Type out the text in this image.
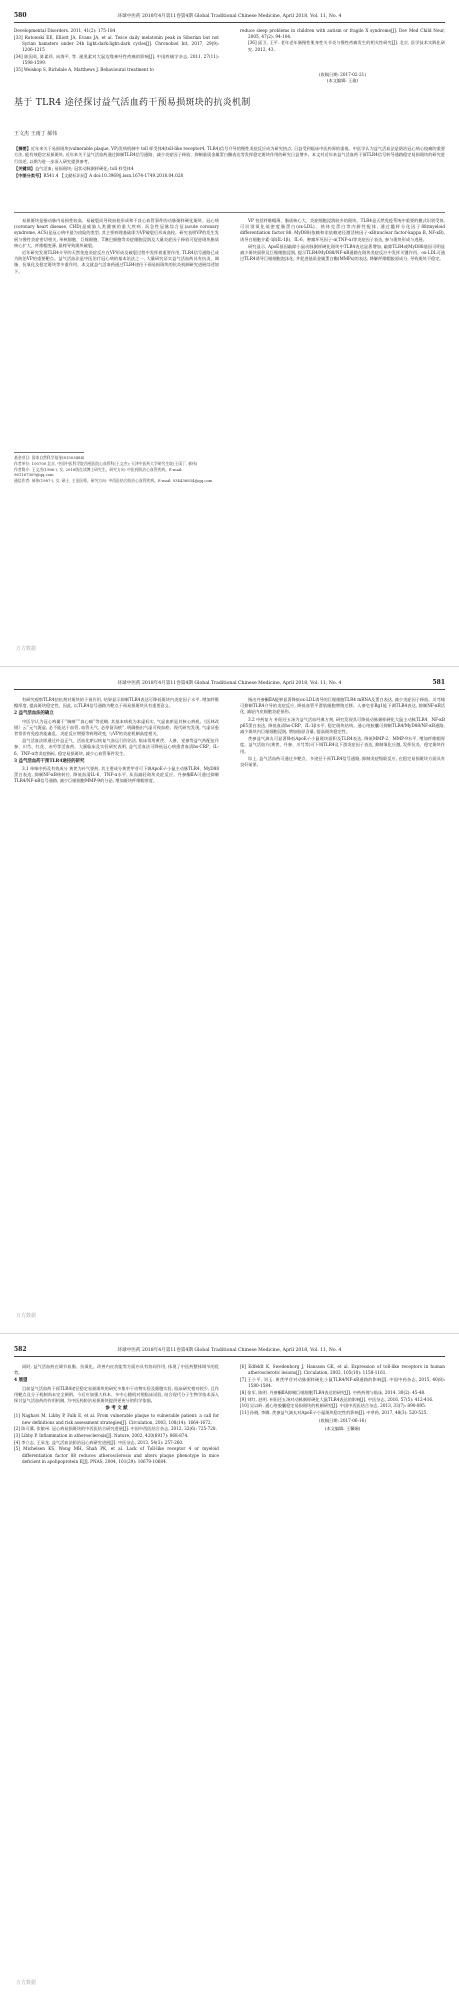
580	环球中医药 2018年4月第11卷第4期 Global Traditional Chinese Medicine, April 2018, Vol. 11, No. 4
Developmental Disorders. 2011, 41(2): 175-184
[33] Rutowski EE, Elliott JA, Evans JA, et al. Twice daily melatonin peak in Siberian but not Syrian hamsters under 24h light:dark:light:dark cycles[J]. Chronobiol Int, 2017, 29(9): 1206-1215
[34] 陈国英, 陈素珍, 向海平, 等. 褪黑素对大鼠边缘神经性疼痛的影响[J]. 中国疼痛学杂志, 2011, 27(11): 1598-1599.
[35] Weiskop S, Richdale A, Matthews J. Behavioural treatment to
reduce sleep problems in children with autism or fragile X syndrome[J]. Dev Med Child Neur, 2005, 47(2): 94-104.
[36] 邱卫, 王平. 老年老年肠慢性肌身性关节炎与慢性疼痛发生的相关性研究[J]. 北京, 医学技术实践化研究. 2012, 43.
(收稿日期: 2017-02-21)
(本文编辑: 王瑜)
基于 TLR4 途径探讨益气活血药干预易损斑块的抗炎机制
王文杰 王雨丁 郝伟
【摘要】近年来关于易损斑块(vulnerable plaque, VP)发病机制中 toll 样受体4(toll-like receptor4, TLR4)信号介导的慢性炎症反应成为研究热点, 日益受到临床中医药界的重视。中医学认为益气活血法是防治冠心病心绞痛的重要方法, 能有效稳定易损斑块, 近年来关于益气活血药通过抑制TLR4信号通路、减少炎症因子释放、抑制基质金属蛋白酶表达等发挥稳定斑块作用的研究日益增多。本文对近年来益气活血药干预TLR4信号转导通路稳定易损斑块的研究进行综述, 以期为进一步深入研究提供参考。
【关键词】益气活血; 易损斑块; 冠状动脉粥样硬化; toll 样受体4
【中图分类号】R541.4 【文献标识码】A doi:10.3969/j.issn.1674-1749.2018.04.028

易损斑块是指动脉内易损性较高、易破裂而导致血栓形成和不良心血管事件的动脉粥样硬化斑块。冠心病(coronary heart disease, CHD)是威胁人类健康的重大疾病, 而急性冠脉综合征(acute coronary syndrome, ACS)是冠心病中最为凶险的类型, 其主要病理基础即为VP破裂后形成血栓。研究表明VP的发生发展与慢性炎症密切相关, 单核细胞、巨噬细胞、T淋巴细胞等炎症细胞浸润及大量炎症因子释放可促进斑块脂质核心扩大、纤维帽变薄, 最终导致斑块破裂。

近年研究发现TLR4介导的天然免疫炎症反应在VP形成及破裂过程中发挥着重要作用, TLR4信号通路已成为防治VP的重要靶点。益气活血法是中医治疗冠心病的基本治法之一, 大量研究证实益气活血药具有抗炎、调脂、抗氧化及稳定斑块等多重作用。本文就益气活血药通过TLR4途径干预易损斑块的抗炎机制研究进展综述如下。

VP 包括纤维帽薄、脂质核心大、炎症细胞浸润较多的斑块。TLR4是天然免疫系统中重要的模式识别受体, 可识别氧化低密度脂蛋白(ox-LDL)、热休克蛋白等内源性配体, 通过髓样分化因子88(myeloid differentiation factor 88, MyD88)依赖和非依赖途径激活核因子-κB(nuclear factor-kappa B, NF-κB), 诱导白细胞介素-1β(IL-1β)、IL-6、肿瘤坏死因子-α(TNF-α)等炎症因子表达, 参与斑块形成与进展。

研究显示, ApoE基因敲除小鼠动脉粥样硬化斑块中TLR4表达显著增加, 敲除TLR4或MyD88基因可明显减少斑块面积及巨噬细胞浸润, 提示TLR4/MyD88/NF-κB通路在斑块炎症反应中发挥关键作用。ox-LDL可通过TLR4诱导巨噬细胞泡沫化, 并促进基质金属蛋白酶(MMPs)的表达, 降解纤维帽胶原成分, 导致斑块不稳定。

基金项目: 国家自然科学基金(81503484)
作者单位: 100700 北京, 中国中医科学院西苑医院心血管科(王文杰); 天津中医药大学研究生院(王雨丁, 郝伟)
作者简介: 王文杰(1986-), 女, 2016级在读博士研究生。研究方向: 中医药防治心血管疾病。E-mail: 961167309@qq.com
通信作者: 郝伟(1987-), 女, 硕士, 主治医师。研究方向: 中西医结合防治心血管疾病。E-mail: 934436834@qq.com
万方数据
环球中医药 2018年4月第11卷第4期 Global Traditional Chinese Medicine, April 2018, Vol. 11, No. 4	581

有研究观察TLR4拮抗剂对斑块的干预作用, 结果显示抑制TLR4表达可降低斑块内炎症因子水平, 增加纤维帽厚度, 提高斑块稳定性。因此, 以TLR4信号通路为靶点干预易损斑块具有重要意义。

2 益气活血法的确立

中医学认为冠心病属于“胸痹”“真心痛”等范畴, 其基本病机为本虚标实, 气虚血瘀是其核心病机。《医林改错》云“元气既虚, 必不能达于血管, 血管无气, 必停留而瘀”, 明确指出气虚可致血瘀。现代研究发现, 气虚证患者常伴有免疫功能紊乱、炎症反应增强等病理改变, 与VP的炎症机制高度相关。

益气活血法即通过补益正气、活血化瘀以恢复气血运行的治法, 临床常用黄芪、人参、党参等益气药配伍丹参、川芎、红花、赤芍等活血药。大量临床及实验研究表明, 益气活血法可降低冠心病患者血清hs-CRP、IL-6、TNF-α等炎症指标, 稳定易损斑块, 减少心血管事件发生。

3 益气活血药干预TLR4途径的研究

3.1 单味中药及有效成分 黄芪为补气要药, 其主要成分黄芪甲苷可下调ApoE-/-小鼠主动脉TLR4、MyD88蛋白表达, 抑制NF-κB核转位, 降低血清IL-6、TNF-α水平, 从而减轻斑块炎症反应。丹参酮ⅡA可通过抑制TLR4/NF-κB信号通路, 减少巨噬细胞MMP-9的分泌, 增加斑块纤维帽厚度。

指出丹参酮ⅡA能够显著降低ox-LDL诱导的巨噬细胞TLR4 mRNA及蛋白表达, 减少炎症因子释放。川芎嗪可抑制TLR4介导的炎症反应, 降低血管平滑肌细胞增殖迁移。人参皂苷Rg1能下调TLR4表达, 抑制NF-κB活化, 减轻内皮细胞炎症损伤。

3.2 中药复方 补阳还五汤为益气活血经典方剂, 研究发现其可降低动脉粥样硬化大鼠主动脉TLR4、NF-κB p65蛋白表达, 降低血清hs-CRP、IL-1β水平, 稳定斑块结构。通心络胶囊可抑制TLR4/MyD88/NF-κB通路, 减少斑块内巨噬细胞浸润, 增加胶原含量, 提高斑块稳定性。

芪参益气滴丸可显著降低ApoE-/-小鼠斑块面积及TLR4表达, 降低MMP-2、MMP-9水平, 增加纤维帽厚度。益气活血方(黄芪、丹参、川芎等)可下调TLR4及下游炎症因子表达, 抑制氧化应激, 发挥抗炎、稳定斑块作用。

综上, 益气活血药可通过多靶点、多途径干预TLR4信号通路, 抑制炎症级联反应, 在稳定易损斑块方面具有良好前景。

万方数据
582	环球中医药 2018年4月第11卷第4期 Global Traditional Chinese Medicine, April 2018, Vol. 11, No. 4

同时, 益气活血药在调节血脂、抗氧化、改善内皮功能等方面亦具有协同作用, 体现了中医药整体调节的优势。

4 展望

目前益气活血药干预TLR4途径稳定易损斑块的研究多集中于动物实验及细胞实验, 临床研究相对较少, 且作用靶点及分子机制尚未完全阐明。今后应加强大样本、多中心随机对照临床试验, 结合现代分子生物学技术深入探讨益气活血药的作用机制, 为中医药防治易损斑块提供更充分的科学依据。

参 考 文 献

[1] Naghavi M, Libby P, Falk E, et al. From vulnerable plaque to vulnerable patient: a call for new definitions and risk assessment strategies[J]. Circulation, 2003, 108(14): 1664-1672.
[2] 陈可冀, 张敏州. 冠心病易损斑块的中西医结合研究进展[J]. 中国中西医结合杂志, 2012, 32(6): 725-728.
[3] Libby P. Inflammation in atherosclerosis[J]. Nature, 2002, 420(6917): 868-874.
[4] 李立志, 王承龙. 益气活血法防治冠心病研究进展[J]. 中医杂志, 2013, 54(3): 257-260.
[5] Michelsen KS, Wong MH, Shah PK, et al. Lack of Toll-like receptor 4 or myeloid differentiation factor 88 reduces atherosclerosis and alters plaque phenotype in mice deficient in apolipoprotein E[J]. PNAS, 2004, 101(29): 10679-10684.
[6] Edfeldt K, Swedenborg J, Hansson GK, et al. Expression of toll-like receptors in human atherosclerotic lesions[J]. Circulation, 2002, 105(10): 1158-1161.
[7] 王小平, 刘玉. 黄芪甲苷对动脉粥样硬化小鼠TLR4/NF-κB通路的影响[J]. 中国中药杂志, 2015, 40(8): 1580-1584.
[8] 张军, 陈明. 丹参酮ⅡA抑制巨噬细胞TLR4表达的研究[J]. 中药药理与临床, 2014, 30(2): 45-48.
[9] 刘红, 赵明. 补阳还五汤对动脉粥样硬化大鼠TLR4表达的影响[J]. 中医杂志, 2016, 57(5): 412-416.
[10] 吴以岭. 通心络胶囊稳定易损斑块的机制研究[J]. 中国中西医结合杂志, 2013, 33(7): 890-895.
[11] 孙晓, 李娜. 芪参益气滴丸对ApoE-/-小鼠斑块稳定性的影响[J]. 中草药, 2017, 48(3): 520-525.
(收稿日期: 2017-06-16)
(本文编辑: 王馨娴)
万方数据
